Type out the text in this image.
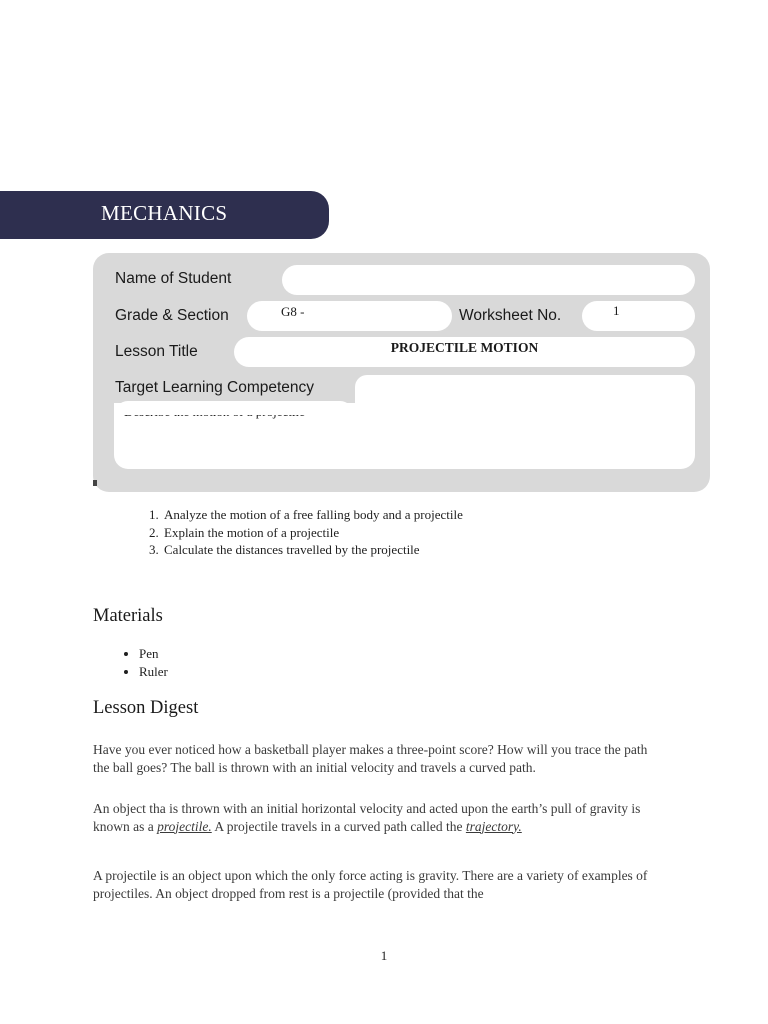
MECHANICS
Name of Student
Grade & Section	G8 -	Worksheet No.	1
Lesson Title	PROJECTILE MOTION
Target Learning Competency
1. Analyze the motion of a free falling body and a projectile
2. Explain the motion of a projectile
3. Calculate the distances travelled by the projectile
Materials
• Pen
• Ruler
Lesson Digest

Have you ever noticed how a basketball player makes a three-point score? How will you trace the path the ball goes? The ball is thrown with an initial velocity and travels a curved path.

An object tha is thrown with an initial horizontal velocity and acted upon the earth’s pull of gravity is known as a projectile. A projectile travels in a curved path called the trajectory.

A projectile is an object upon which the only force acting is gravity. There are a variety of examples of projectiles. An object dropped from rest is a projectile (provided that the

1
